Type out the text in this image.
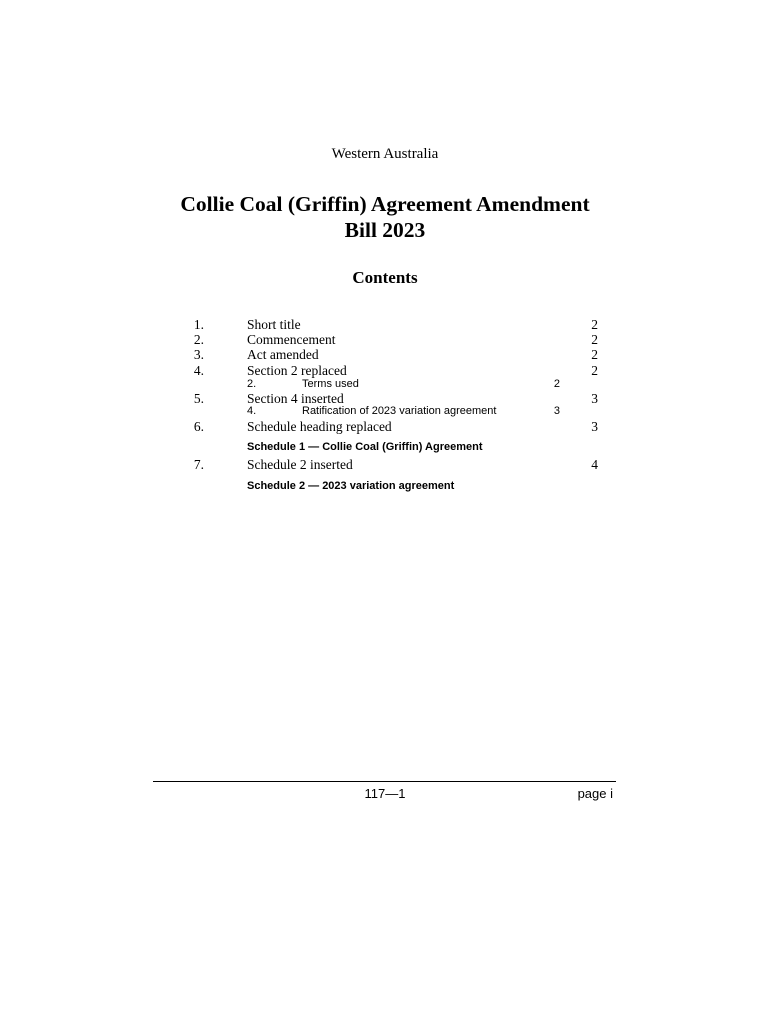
Western Australia
Collie Coal (Griffin) Agreement Amendment
Bill 2023
Contents
1.	Short title	2
2.	Commencement	2
3.	Act amended	2
4.	Section 2 replaced	2
2.	Terms used	2
5.	Section 4 inserted	3
4.	Ratification of 2023 variation agreement	3
6.	Schedule heading replaced	3
Schedule 1 — Collie Coal (Griffin) Agreement
7.	Schedule 2 inserted	4
Schedule 2 — 2023 variation agreement
117—1	page i
